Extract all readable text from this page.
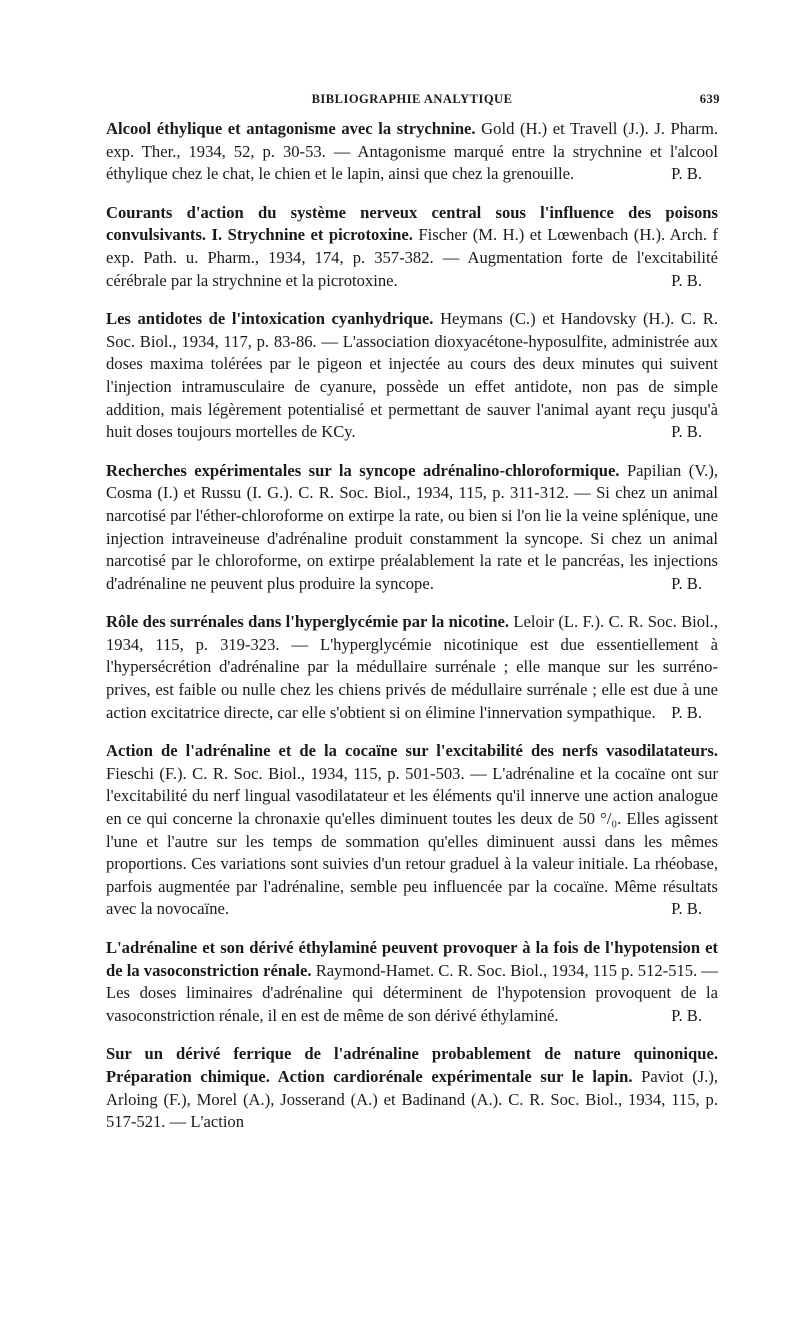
BIBLIOGRAPHIE ANALYTIQUE	639
Alcool éthylique et antagonisme avec la strychnine. Gold (H.) et Travell (J.). J. Pharm. exp. Ther., 1934, 52, p. 30-53. — Antagonisme marqué entre la strychnine et l'alcool éthylique chez le chat, le chien et le lapin, ainsi que chez la grenouille.	P. B.
Courants d'action du système nerveux central sous l'influence des poisons convulsivants. I. Strychnine et picrotoxine. Fischer (M. H.) et Lœwenbach (H.). Arch. f exp. Path. u. Pharm., 1934, 174, p. 357-382. — Augmentation forte de l'excitabilité cérébrale par la strychnine et la picrotoxine.	P. B.
Les antidotes de l'intoxication cyanhydrique. Heymans (C.) et Handovsky (H.). C. R. Soc. Biol., 1934, 117, p. 83-86. — L'association dioxyacétone-hyposulfite, administrée aux doses maxima tolérées par le pigeon et injectée au cours des deux minutes qui suivent l'injection intramusculaire de cyanure, possède un effet antidote, non pas de simple addition, mais légèrement potentialisé et permettant de sauver l'animal ayant reçu jusqu'à huit doses toujours mortelles de KCy.	P. B.
Recherches expérimentales sur la syncope adrénalino-chloroformique. Papilian (V.), Cosma (I.) et Russu (I. G.). C. R. Soc. Biol., 1934, 115, p. 311-312. — Si chez un animal narcotisé par l'éther-chloroforme on extirpe la rate, ou bien si l'on lie la veine splénique, une injection intraveineuse d'adrénaline produit constamment la syncope. Si chez un animal narcotisé par le chloroforme, on extirpe préalablement la rate et le pancréas, les injections d'adrénaline ne peuvent plus produire la syncope.	P. B.
Rôle des surrénales dans l'hyperglycémie par la nicotine. Leloir (L. F.). C. R. Soc. Biol., 1934, 115, p. 319-323. — L'hyperglycémie nicotinique est due essentiellement à l'hypersécrétion d'adrénaline par la médullaire surrénale ; elle manque sur les surréno-prives, est faible ou nulle chez les chiens privés de médullaire surrénale ; elle est due à une action excitatrice directe, car elle s'obtient si on élimine l'innervation sympathique. P. B.
Action de l'adrénaline et de la cocaïne sur l'excitabilité des nerfs vasodilatateurs. Fieschi (F.). C. R. Soc. Biol., 1934, 115, p. 501-503. — L'adrénaline et la cocaïne ont sur l'excitabilité du nerf lingual vasodilatateur et les éléments qu'il innerve une action analogue en ce qui concerne la chronaxie qu'elles diminuent toutes les deux de 50 °/₀. Elles agissent l'une et l'autre sur les temps de sommation qu'elles diminuent aussi dans les mêmes proportions. Ces variations sont suivies d'un retour graduel à la valeur initiale. La rhéobase, parfois augmentée par l'adrénaline, semble peu influencée par la cocaïne. Même résultats avec la novocaïne.	P. B.
L'adrénaline et son dérivé éthylaminé peuvent provoquer à la fois de l'hypotension et de la vasoconstriction rénale. Raymond-Hamet. C. R. Soc. Biol., 1934, 115 p. 512-515. — Les doses liminaires d'adrénaline qui déterminent de l'hypotension provoquent de la vasoconstriction rénale, il en est de même de son dérivé éthylaminé.	P. B.
Sur un dérivé ferrique de l'adrénaline probablement de nature quinonique. Préparation chimique. Action cardiorénale expérimentale sur le lapin. Paviot (J.), Arloing (F.), Morel (A.), Josserand (A.) et Badinand (A.). C. R. Soc. Biol., 1934, 115, p. 517-521. — L'action
